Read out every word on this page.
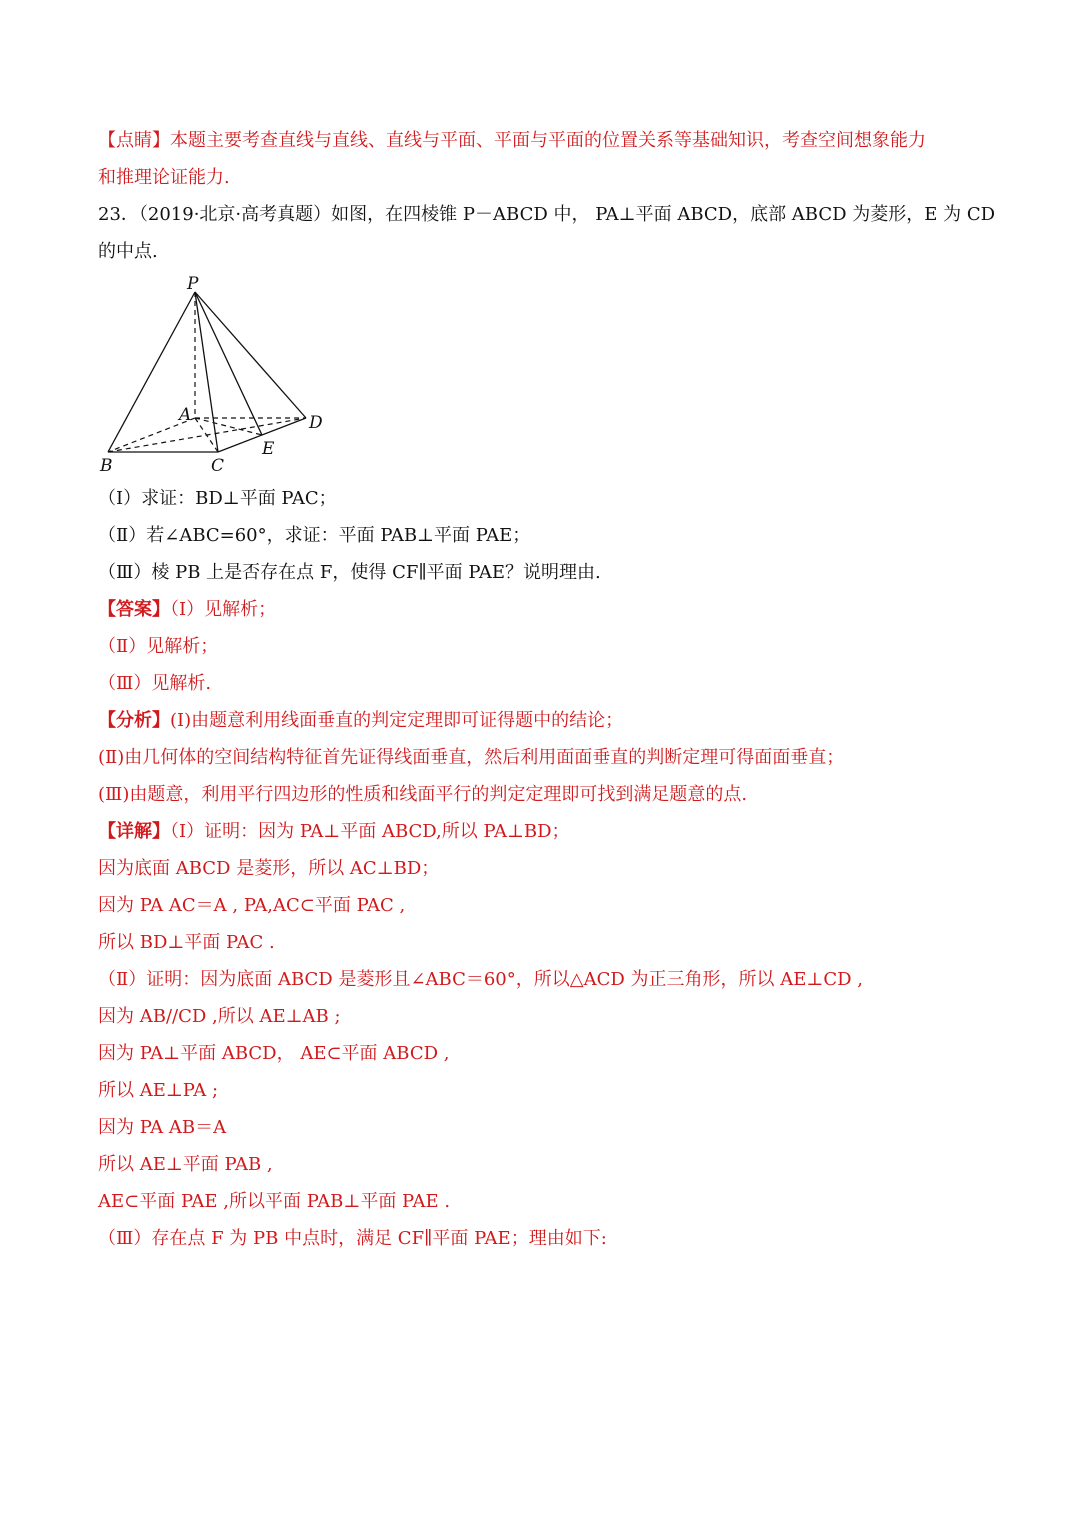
【点睛】本题主要考查直线与直线、直线与平面、平面与平面的位置关系等基础知识，考查空间想象能力
和推理论证能力.
23．（2019·北京·高考真题）如图，在四棱锥 P－ABCD 中， PA⊥平面 ABCD，底部 ABCD 为菱形，E 为 CD
的中点.
P
A	D
E
B	C
（Ⅰ）求证：BD⊥平面 PAC；
（Ⅱ）若∠ABC=60°，求证：平面 PAB⊥平面 PAE；
（Ⅲ）棱 PB 上是否存在点 F，使得 CF∥平面 PAE？说明理由.
【答案】（Ⅰ）见解析；
（Ⅱ）见解析；
（Ⅲ）见解析.
【分析】(Ⅰ)由题意利用线面垂直的判定定理即可证得题中的结论；
(Ⅱ)由几何体的空间结构特征首先证得线面垂直，然后利用面面垂直的判断定理可得面面垂直；
(Ⅲ)由题意，利用平行四边形的性质和线面平行的判定定理即可找到满足题意的点.
【详解】（Ⅰ）证明：因为 PA⊥平面 ABCD,所以 PA⊥BD；
因为底面 ABCD 是菱形，所以 AC⊥BD；
因为 PA AC＝A , PA,AC⊂平面 PAC ,
所以 BD⊥平面 PAC .
（Ⅱ）证明：因为底面 ABCD 是菱形且∠ABC＝60°，所以△ACD 为正三角形，所以 AE⊥CD ,
因为 AB//CD ,所以 AE⊥AB ;
因为 PA⊥平面 ABCD， AE⊂平面 ABCD ,
所以 AE⊥PA ;
因为 PA AB＝A
所以 AE⊥平面 PAB ,
AE⊂平面 PAE ,所以平面 PAB⊥平面 PAE .
（Ⅲ）存在点 F 为 PB 中点时，满足 CF∥平面 PAE；理由如下:
